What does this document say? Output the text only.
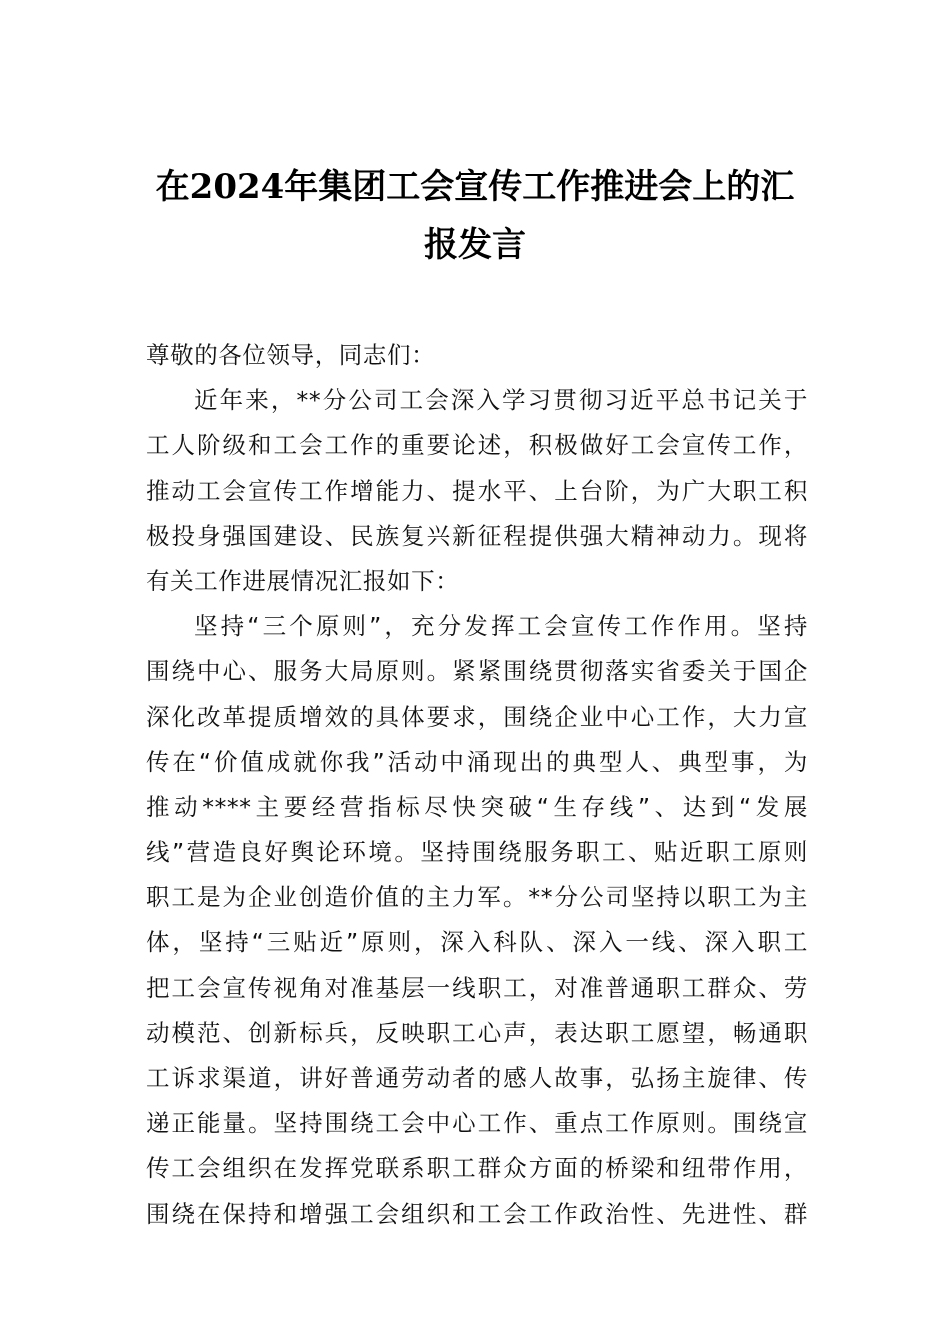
在2024年集团工会宣传工作推进会上的汇
报发言
尊敬的各位领导，同志们：
近年来，**分公司工会深入学习贯彻习近平总书记关于
工人阶级和工会工作的重要论述，积极做好工会宣传工作，
推动工会宣传工作增能力、提水平、上台阶，为广大职工积
极投身强国建设、民族复兴新征程提供强大精神动力。现将
有关工作进展情况汇报如下：
坚持“三个原则”，充分发挥工会宣传工作作用。坚持
围绕中心、服务大局原则。紧紧围绕贯彻落实省委关于国企
深化改革提质增效的具体要求，围绕企业中心工作，大力宣
传在“价值成就你我”活动中涌现出的典型人、典型事，为
推动****主要经营指标尽快突破“生存线”、达到“发展
线”营造良好舆论环境。坚持围绕服务职工、贴近职工原则
职工是为企业创造价值的主力军。**分公司坚持以职工为主
体，坚持“三贴近”原则，深入科队、深入一线、深入职工
把工会宣传视角对准基层一线职工，对准普通职工群众、劳
动模范、创新标兵，反映职工心声，表达职工愿望，畅通职
工诉求渠道，讲好普通劳动者的感人故事，弘扬主旋律、传
递正能量。坚持围绕工会中心工作、重点工作原则。围绕宣
传工会组织在发挥党联系职工群众方面的桥梁和纽带作用，
围绕在保持和增强工会组织和工会工作政治性、先进性、群
